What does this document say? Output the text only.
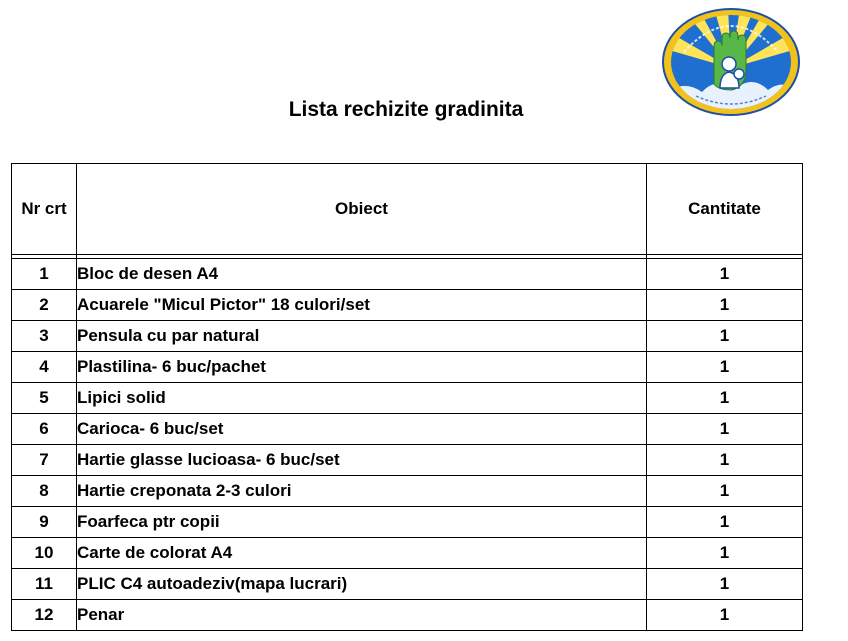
Lista rechizite gradinita
Nr crt	Obiect	Cantitate

1	Bloc de desen A4	1
2	Acuarele "Micul Pictor" 18 culori/set	1
3	Pensula cu par natural	1
4	Plastilina- 6 buc/pachet	1
5	Lipici solid	1
6	Carioca- 6 buc/set	1
7	Hartie glasse lucioasa- 6 buc/set	1
8	Hartie creponata 2-3 culori	1
9	Foarfeca ptr copii	1
10	Carte de colorat A4	1
11	PLIC C4 autoadeziv(mapa lucrari)	1
12	Penar	1
